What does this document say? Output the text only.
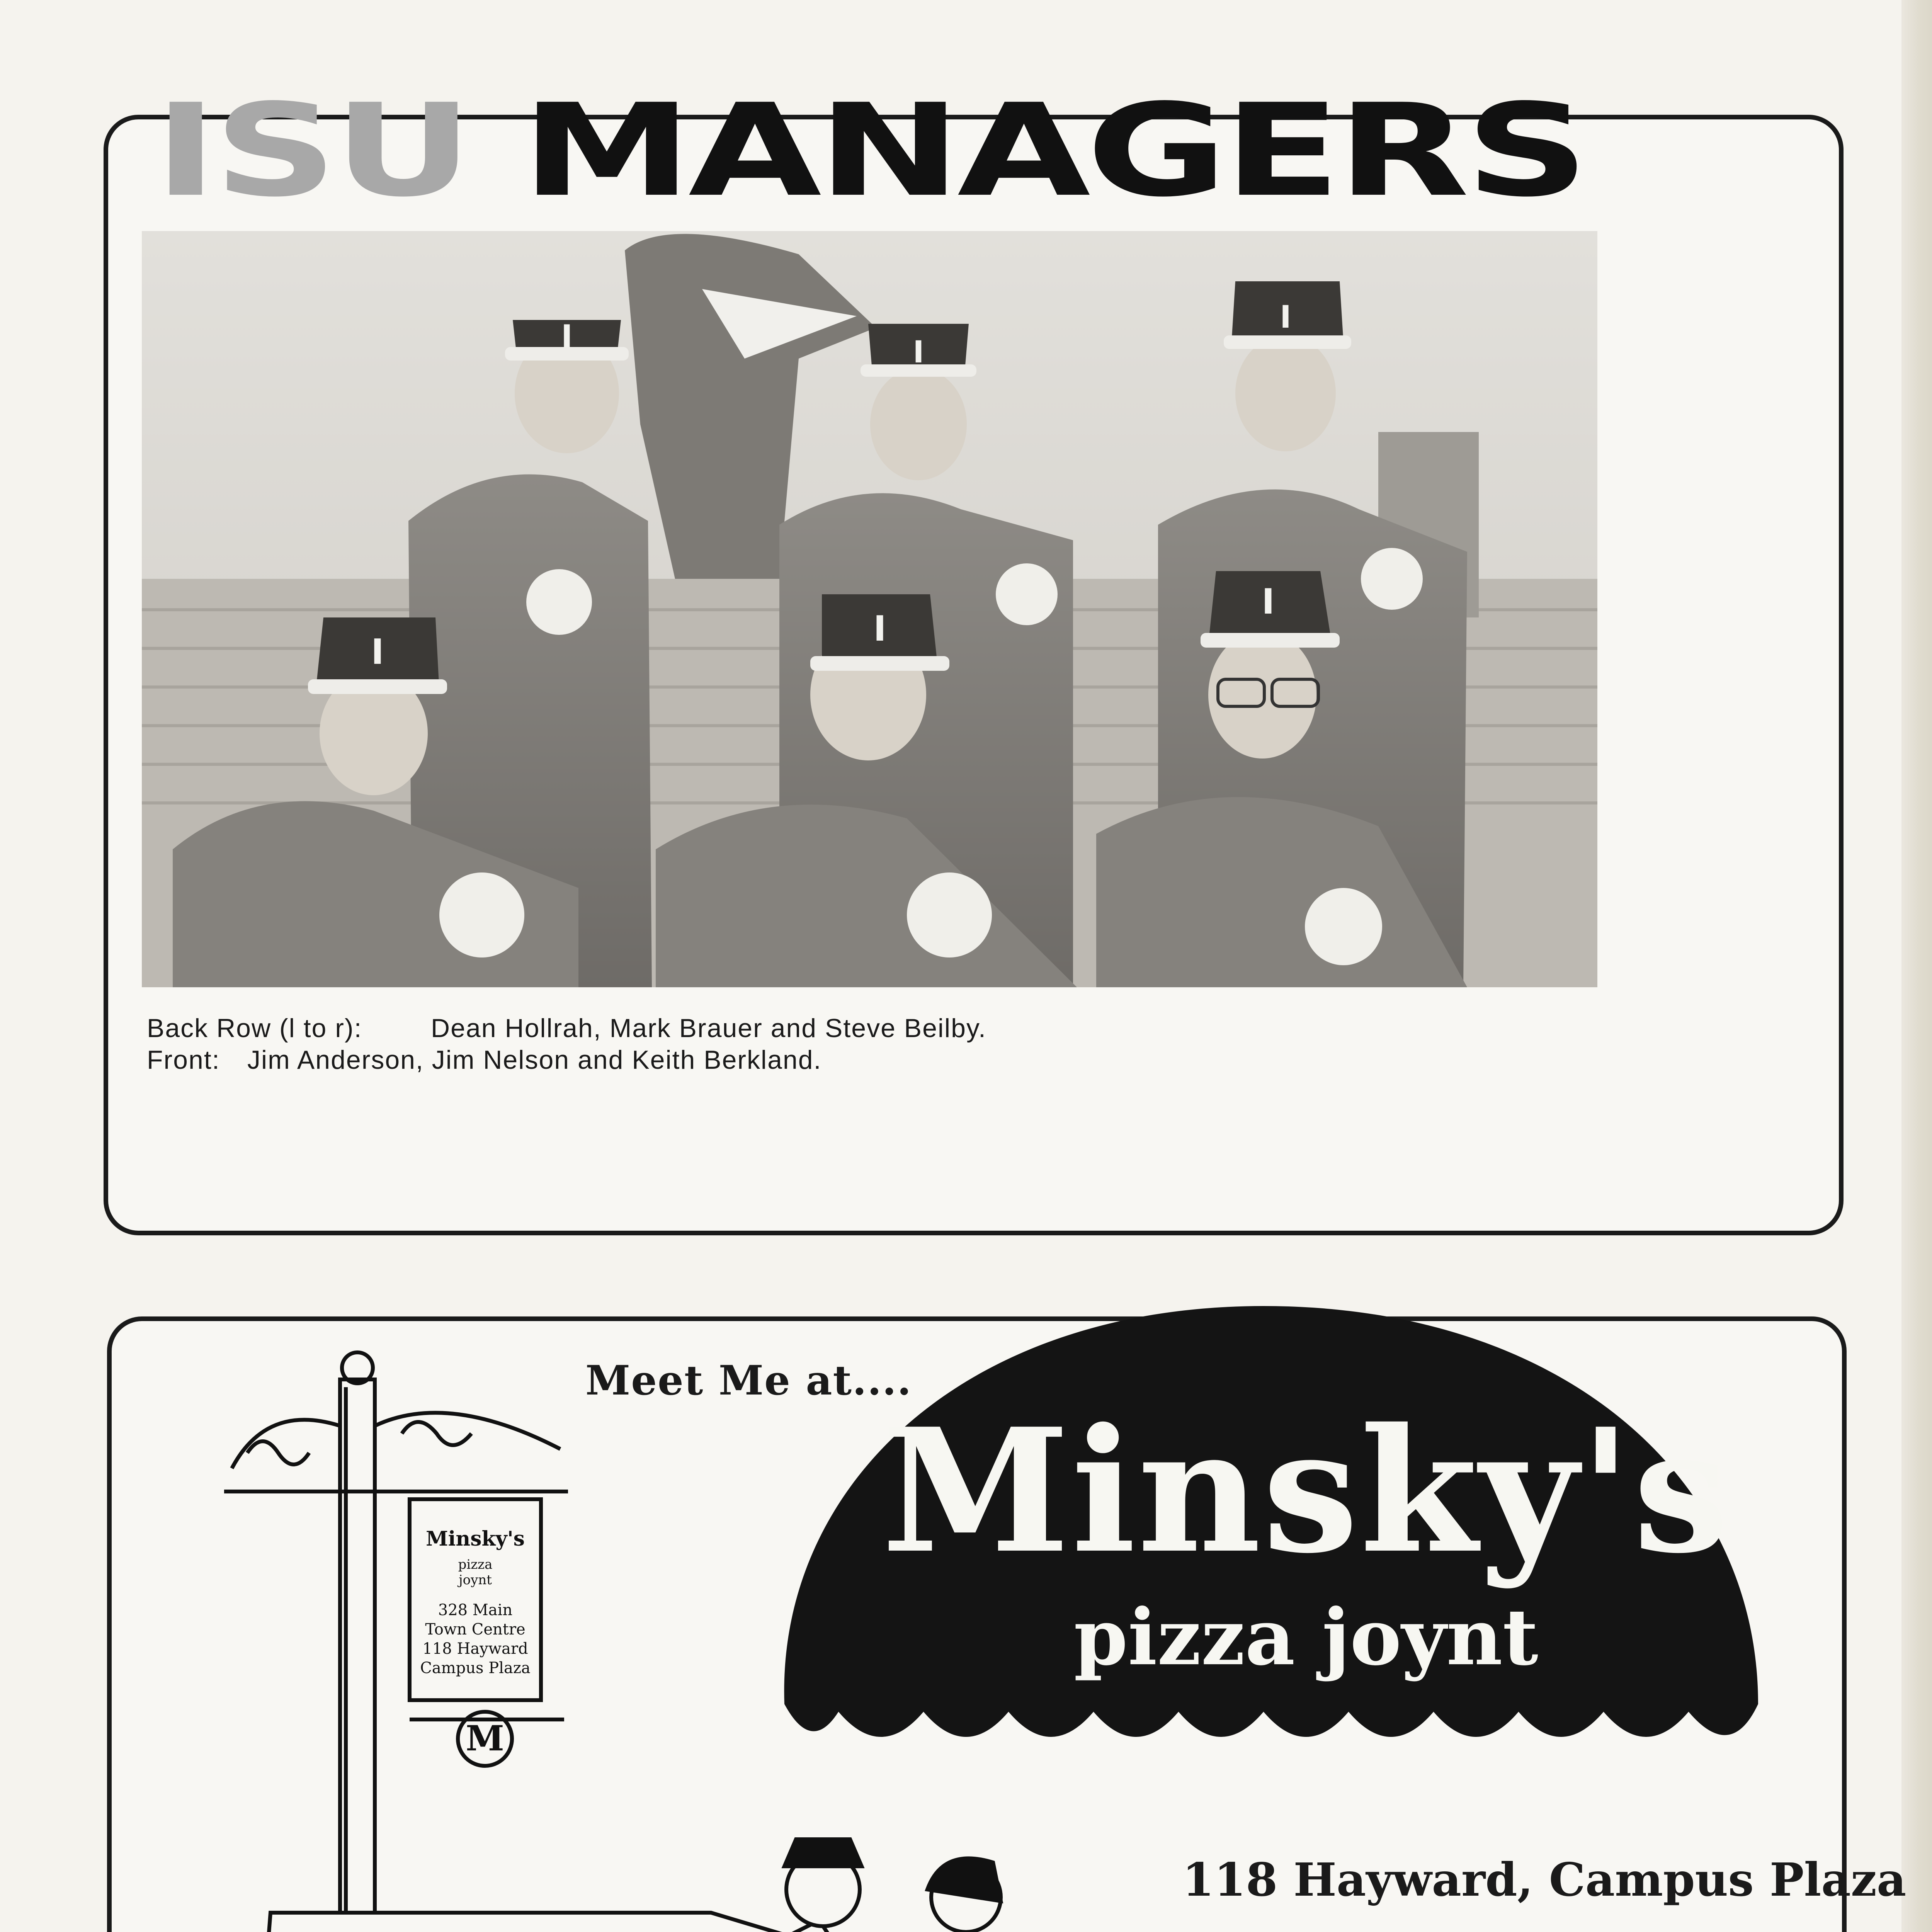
ISU MANAGERS
I	I
I
I
I
I
Back Row (l to r):	Dean Hollrah, Mark Brauer and Steve Beilby.
Front:	Jim Anderson, Jim Nelson and Keith Berkland.
Minsky's
pizza joynt
Meet Me at....
Minsky's
pizza
joynt
328 Main
Town Centre
118 Hayward
Campus Plaza
M
118 Hayward, Campus Plaza
